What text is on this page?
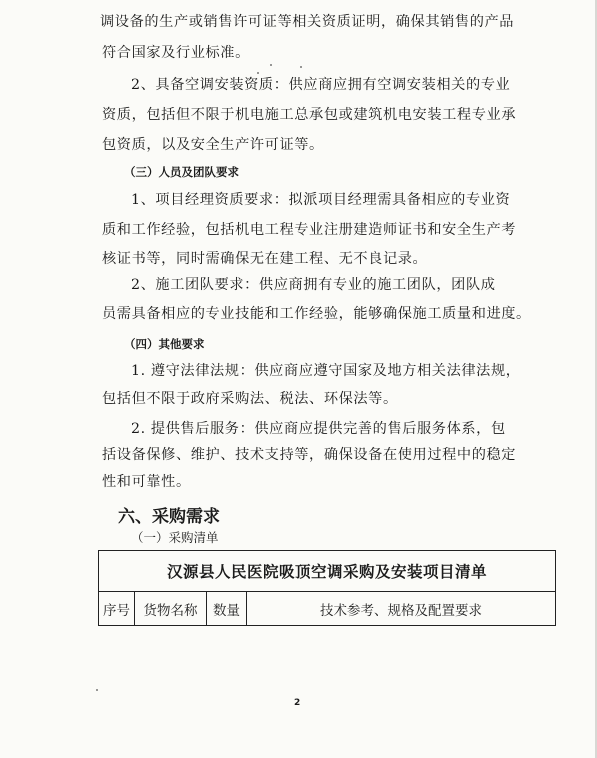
调设备的生产或销售许可证等相关资质证明，确保其销售的产品
符合国家及行业标准。
2、具备空调安装资质：供应商应拥有空调安装相关的专业
资质，包括但不限于机电施工总承包或建筑机电安装工程专业承
包资质，以及安全生产许可证等。
（三）人员及团队要求
1、项目经理资质要求：拟派项目经理需具备相应的专业资
质和工作经验，包括机电工程专业注册建造师证书和安全生产考
核证书等，同时需确保无在建工程、无不良记录。
2、施工团队要求：供应商拥有专业的施工团队，团队成
员需具备相应的专业技能和工作经验，能够确保施工质量和进度。
（四）其他要求
1. 遵守法律法规：供应商应遵守国家及地方相关法律法规，
包括但不限于政府采购法、税法、环保法等。
2. 提供售后服务：供应商应提供完善的售后服务体系，包
括设备保修、维护、技术支持等，确保设备在使用过程中的稳定
性和可靠性。
六、采购需求
（一）采购清单
汉源县人民医院吸顶空调采购及安装项目清单
序号	货物名称	数量	技术参考、规格及配置要求
2
